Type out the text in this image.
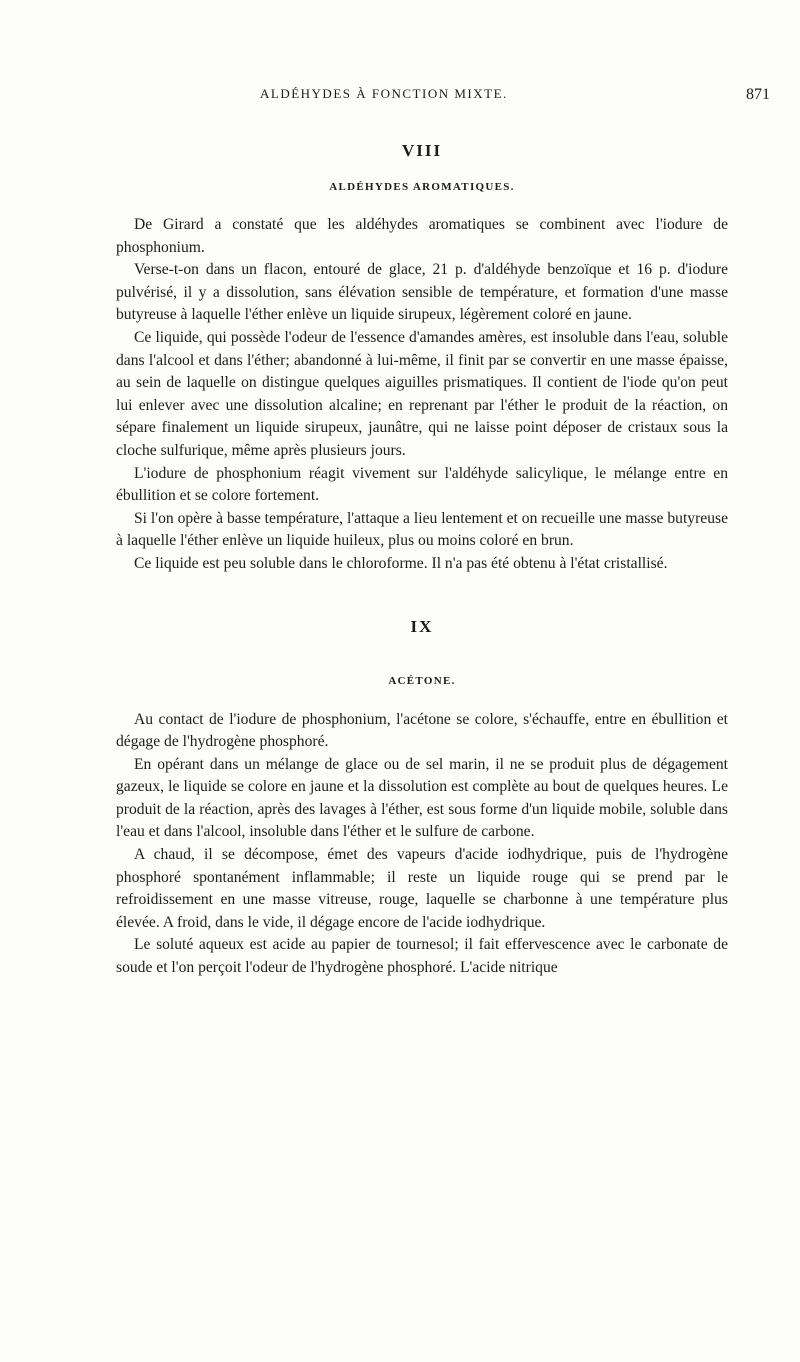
ALDÉHYDES À FONCTION MIXTE.	871
VIII
ALDÉHYDES AROMATIQUES.

De Girard a constaté que les aldéhydes aromatiques se combinent avec l'iodure de phosphonium.

Verse-t-on dans un flacon, entouré de glace, 21 p. d'aldéhyde benzoïque et 16 p. d'iodure pulvérisé, il y a dissolution, sans élévation sensible de température, et formation d'une masse butyreuse à laquelle l'éther enlève un liquide sirupeux, légèrement coloré en jaune.

Ce liquide, qui possède l'odeur de l'essence d'amandes amères, est insoluble dans l'eau, soluble dans l'alcool et dans l'éther; abandonné à lui-même, il finit par se convertir en une masse épaisse, au sein de laquelle on distingue quelques aiguilles prismatiques. Il contient de l'iode qu'on peut lui enlever avec une dissolution alcaline; en reprenant par l'éther le produit de la réaction, on sépare finalement un liquide sirupeux, jaunâtre, qui ne laisse point déposer de cristaux sous la cloche sulfurique, même après plusieurs jours.

L'iodure de phosphonium réagit vivement sur l'aldéhyde salicylique, le mélange entre en ébullition et se colore fortement.

Si l'on opère à basse température, l'attaque a lieu lentement et on recueille une masse butyreuse à laquelle l'éther enlève un liquide huileux, plus ou moins coloré en brun.

Ce liquide est peu soluble dans le chloroforme. Il n'a pas été obtenu à l'état cristallisé.

IX
ACÉTONE.

Au contact de l'iodure de phosphonium, l'acétone se colore, s'échauffe, entre en ébullition et dégage de l'hydrogène phosphoré.

En opérant dans un mélange de glace ou de sel marin, il ne se produit plus de dégagement gazeux, le liquide se colore en jaune et la dissolution est complète au bout de quelques heures. Le produit de la réaction, après des lavages à l'éther, est sous forme d'un liquide mobile, soluble dans l'eau et dans l'alcool, insoluble dans l'éther et le sulfure de carbone.

A chaud, il se décompose, émet des vapeurs d'acide iodhydrique, puis de l'hydrogène phosphoré spontanément inflammable; il reste un liquide rouge qui se prend par le refroidissement en une masse vitreuse, rouge, laquelle se charbonne à une température plus élevée. A froid, dans le vide, il dégage encore de l'acide iodhydrique.

Le soluté aqueux est acide au papier de tournesol; il fait effervescence avec le carbonate de soude et l'on perçoit l'odeur de l'hydrogène phosphoré. L'acide nitrique
